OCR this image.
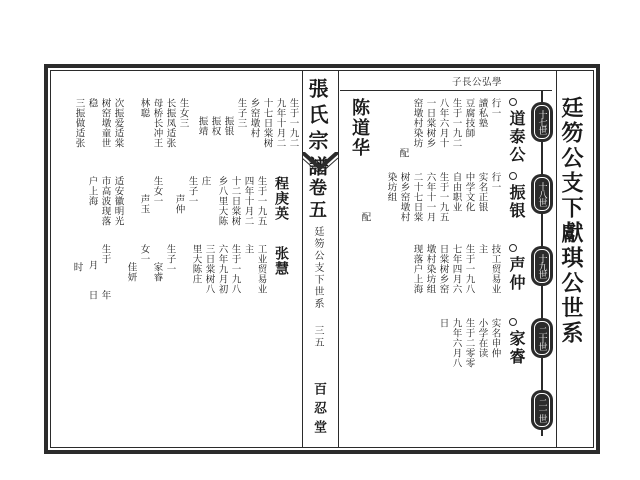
張氏宗譜
卷五
廷笏公支下世系
三五
百忍堂
子長公弘學
廷笏公支下獻琪公世系
十七世
十八世
十九世
二十世
二一世
道泰公
行一
讀私塾
豆腐技師
生于一九二
八年六月十
一日棠树乡
窑墩村染坊
配
陈道华
振银
行一
实名正银
中学文化
自由职业
生于一九五
六年十一月
二十七日棠
树乡窑墩村
染坊组
配
声仲
技工贸易业
主
生于一九八
七年四月六
日棠树乡窑
墩村染坊组
现落户上海
家睿
实名申仲
小学在读
生于二零零
九年六月八
日
生于一九二
九年十月二
十七日棠树
乡窑墩村
生子三
振银
振权
振靖
生女三
长振凤适张
母桥长冲王
林聪
次振爱适棠
树窑墩童世
三振做适张 稳
程庚英
生于一九五
四年十月二
十二日棠树
乡八里大陈
庄
生子一
声仲
生女一
声玉
适安徽明光
市高波现落
户上海
张慧
工业贸易业
主
生于一九八
六年九月初
三日棠树八
里大陈庄
生子一
家睿
女一
佳妍
生于
年
月
日
时
